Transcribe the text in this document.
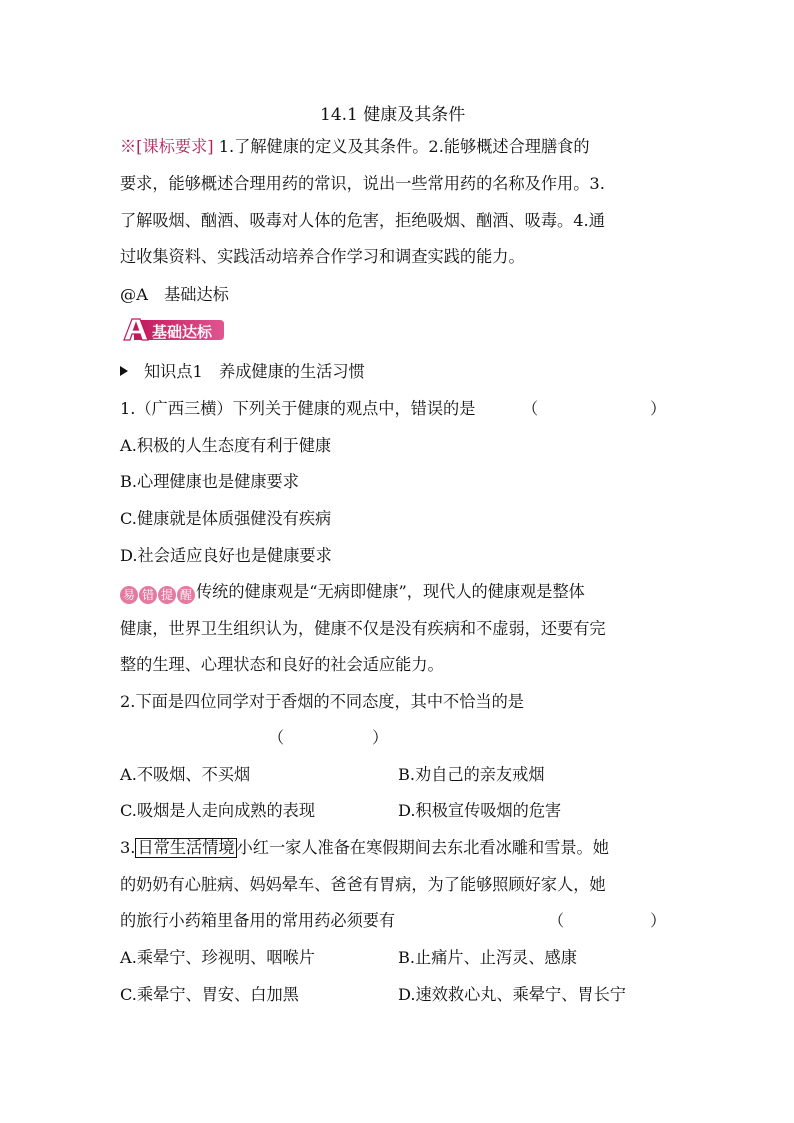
14.1 健康及其条件
※[课标要求] 1.了解健康的定义及其条件。2.能够概述合理膳食的
要求，能够概述合理用药的常识，说出一些常用药的名称及作用。3.
了解吸烟、酗酒、吸毒对人体的危害，拒绝吸烟、酗酒、吸毒。4.通
过收集资料、实践活动培养合作学习和调查实践的能力。
@A　基础达标
基础达标
知识点1　养成健康的生活习惯
1.（广西三横）下列关于健康的观点中，错误的是	（	）
A.积极的人生态度有利于健康
B.心理健康也是健康要求
C.健康就是体质强健没有疾病
D.社会适应良好也是健康要求
易 错 提 醒 传统的健康观是“无病即健康”，现代人的健康观是整体
健康，世界卫生组织认为，健康不仅是没有疾病和不虚弱，还要有完
整的生理、心理状态和良好的社会适应能力。
2.下面是四位同学对于香烟的不同态度，其中不恰当的是
（	）
A.不吸烟、不买烟	B.劝自己的亲友戒烟
C.吸烟是人走向成熟的表现	D.积极宣传吸烟的危害
3. 日常生活情境 小红一家人准备在寒假期间去东北看冰雕和雪景。她
的奶奶有心脏病、妈妈晕车、爸爸有胃病，为了能够照顾好家人，她
的旅行小药箱里备用的常用药必须要有	（	）
A.乘晕宁、珍视明、咽喉片	B.止痛片、止泻灵、感康
C.乘晕宁、胃安、白加黑	D.速效救心丸、乘晕宁、胃长宁
